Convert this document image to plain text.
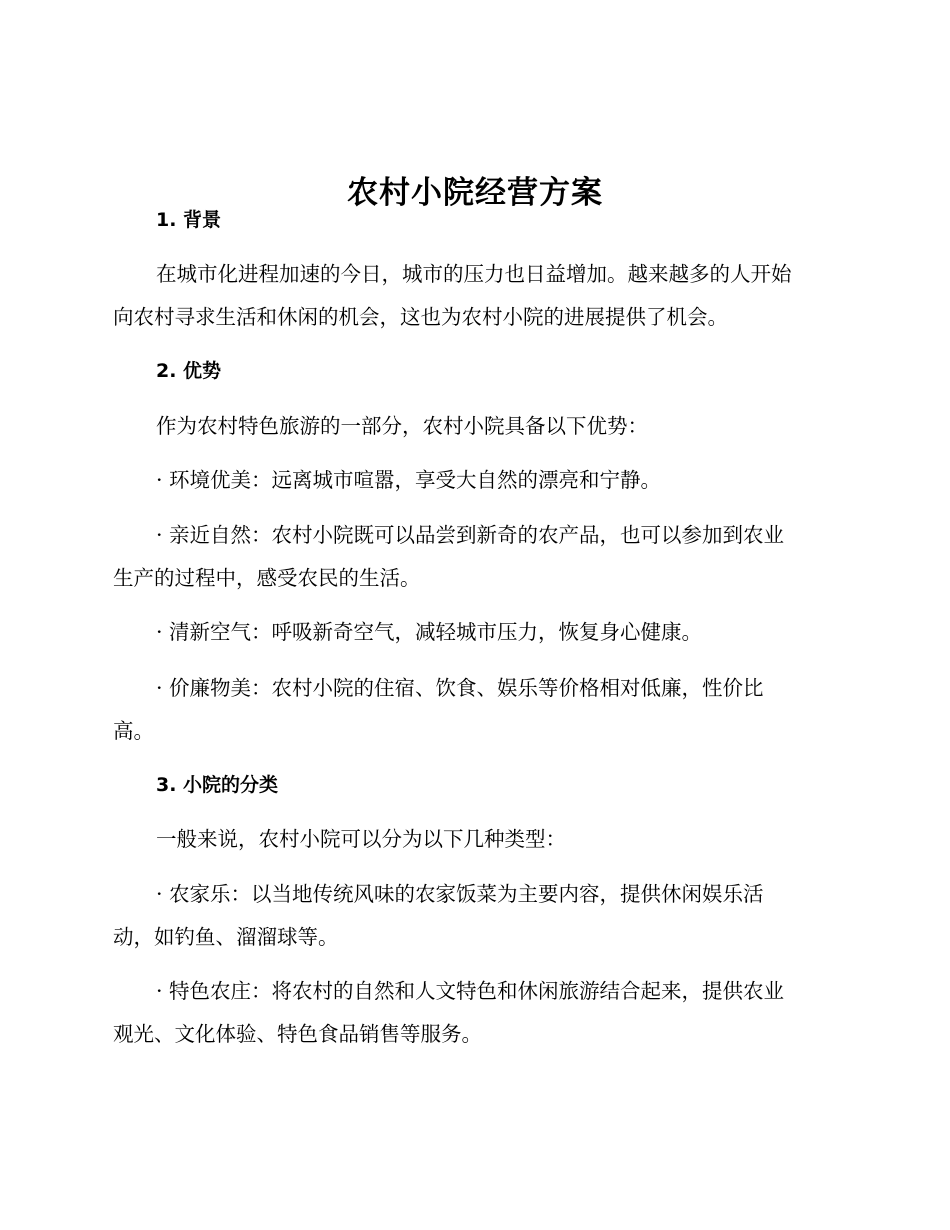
农村小院经营方案
1. 背景

在城市化进程加速的今日，城市的压力也日益增加。越来越多的人开始
向农村寻求生活和休闲的机会，这也为农村小院的进展提供了机会。

2. 优势

作为农村特色旅游的一部分，农村小院具备以下优势：

· 环境优美：远离城市喧嚣，享受大自然的漂亮和宁静。

· 亲近自然：农村小院既可以品尝到新奇的农产品，也可以参加到农业
生产的过程中，感受农民的生活。

· 清新空气：呼吸新奇空气，减轻城市压力，恢复身心健康。

· 价廉物美：农村小院的住宿、饮食、娱乐等价格相对低廉，性价比
高。

3. 小院的分类

一般来说，农村小院可以分为以下几种类型：

· 农家乐：以当地传统风味的农家饭菜为主要内容，提供休闲娱乐活
动，如钓鱼、溜溜球等。

· 特色农庄：将农村的自然和人文特色和休闲旅游结合起来，提供农业
观光、文化体验、特色食品销售等服务。
